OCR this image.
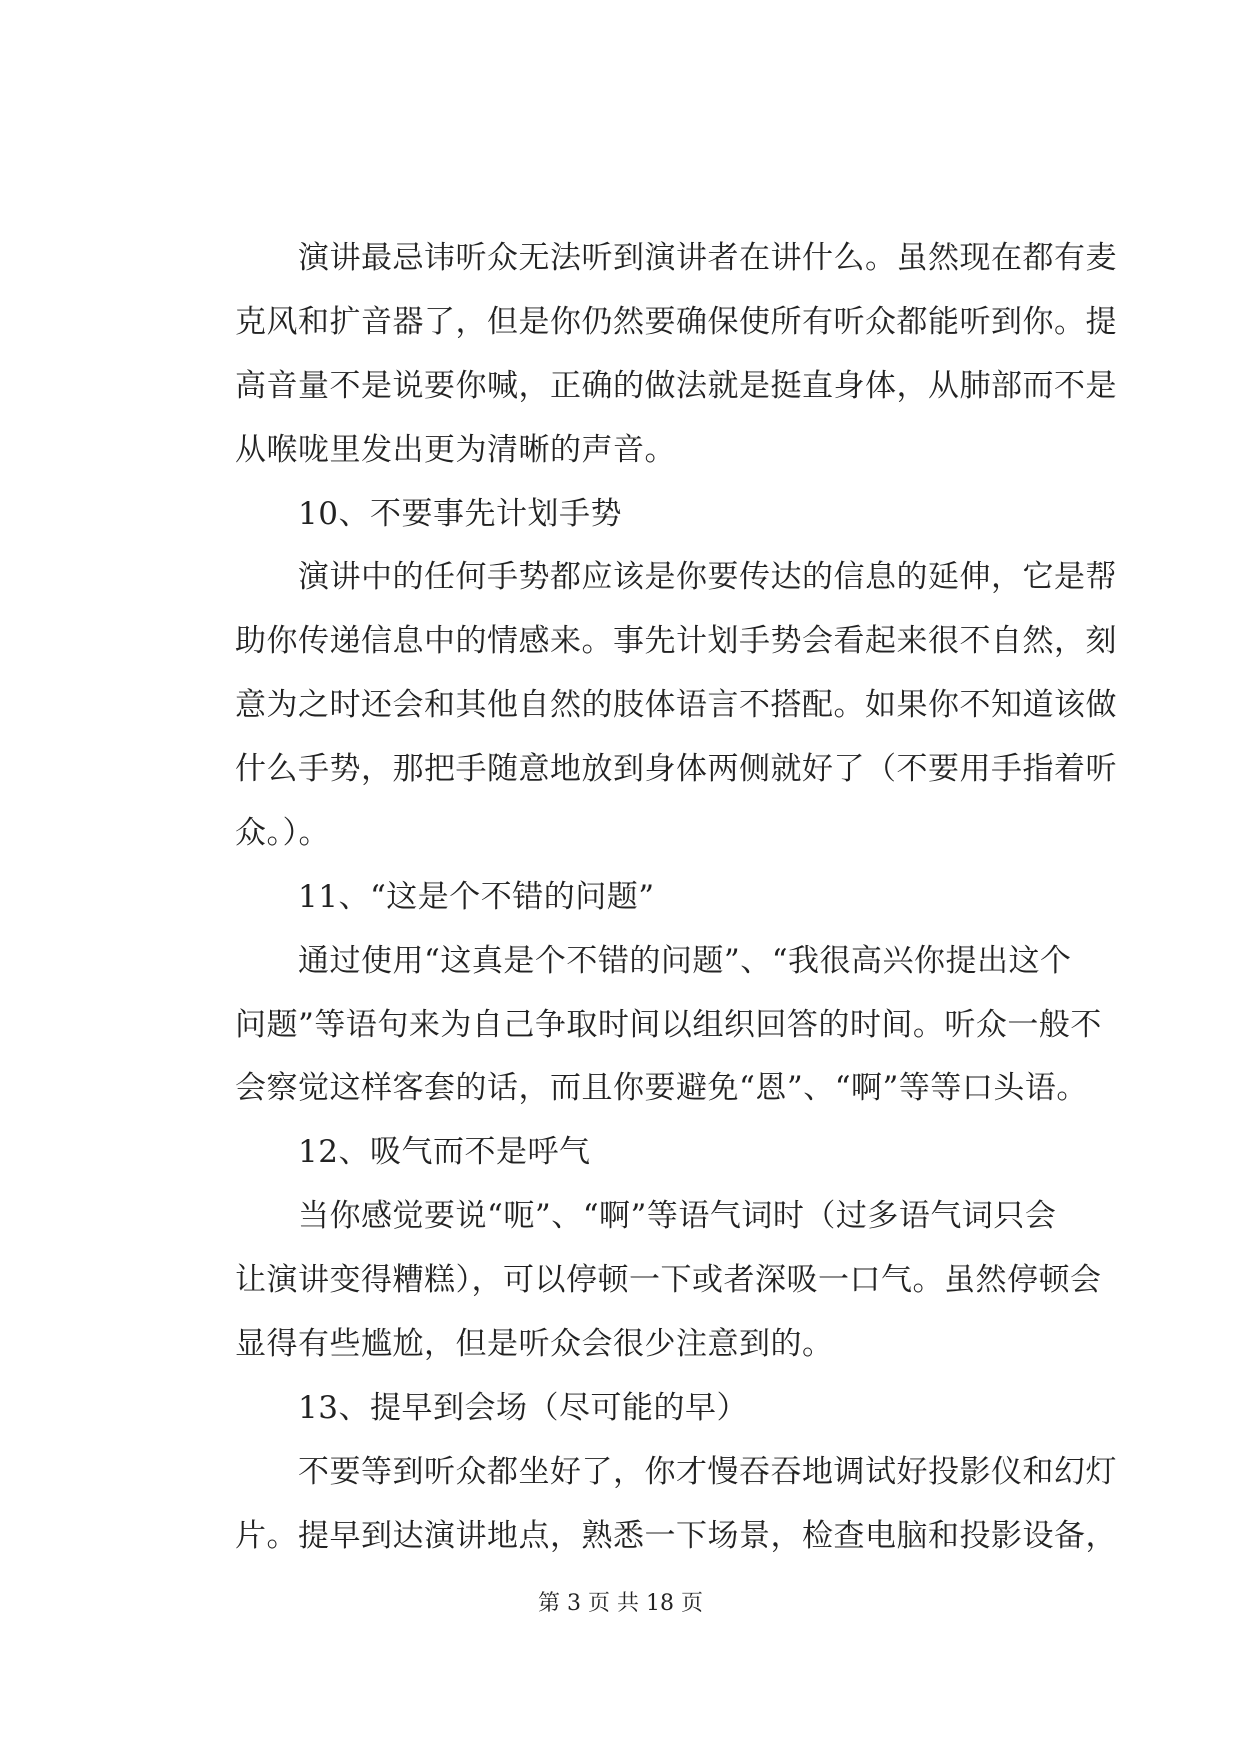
　　演讲最忌讳听众无法听到演讲者在讲什么。虽然现在都有麦
克风和扩音器了，但是你仍然要确保使所有听众都能听到你。提
高音量不是说要你喊，正确的做法就是挺直身体，从肺部而不是
从喉咙里发出更为清晰的声音。
　　10、不要事先计划手势
　　演讲中的任何手势都应该是你要传达的信息的延伸，它是帮
助你传递信息中的情感来。事先计划手势会看起来很不自然，刻
意为之时还会和其他自然的肢体语言不搭配。如果你不知道该做
什么手势，那把手随意地放到身体两侧就好了（不要用手指着听
众。）。
　　11、“这是个不错的问题”
　　通过使用“这真是个不错的问题”、“我很高兴你提出这个
问题”等语句来为自己争取时间以组织回答的时间。听众一般不
会察觉这样客套的话，而且你要避免“恩”、“啊”等等口头语。
　　12、吸气而不是呼气
　　当你感觉要说“呃”、“啊”等语气词时（过多语气词只会
让演讲变得糟糕），可以停顿一下或者深吸一口气。虽然停顿会
显得有些尴尬，但是听众会很少注意到的。
　　13、提早到会场（尽可能的早）
　　不要等到听众都坐好了，你才慢吞吞地调试好投影仪和幻灯
片。提早到达演讲地点，熟悉一下场景，检查电脑和投影设备，
第 3 页 共 18 页
